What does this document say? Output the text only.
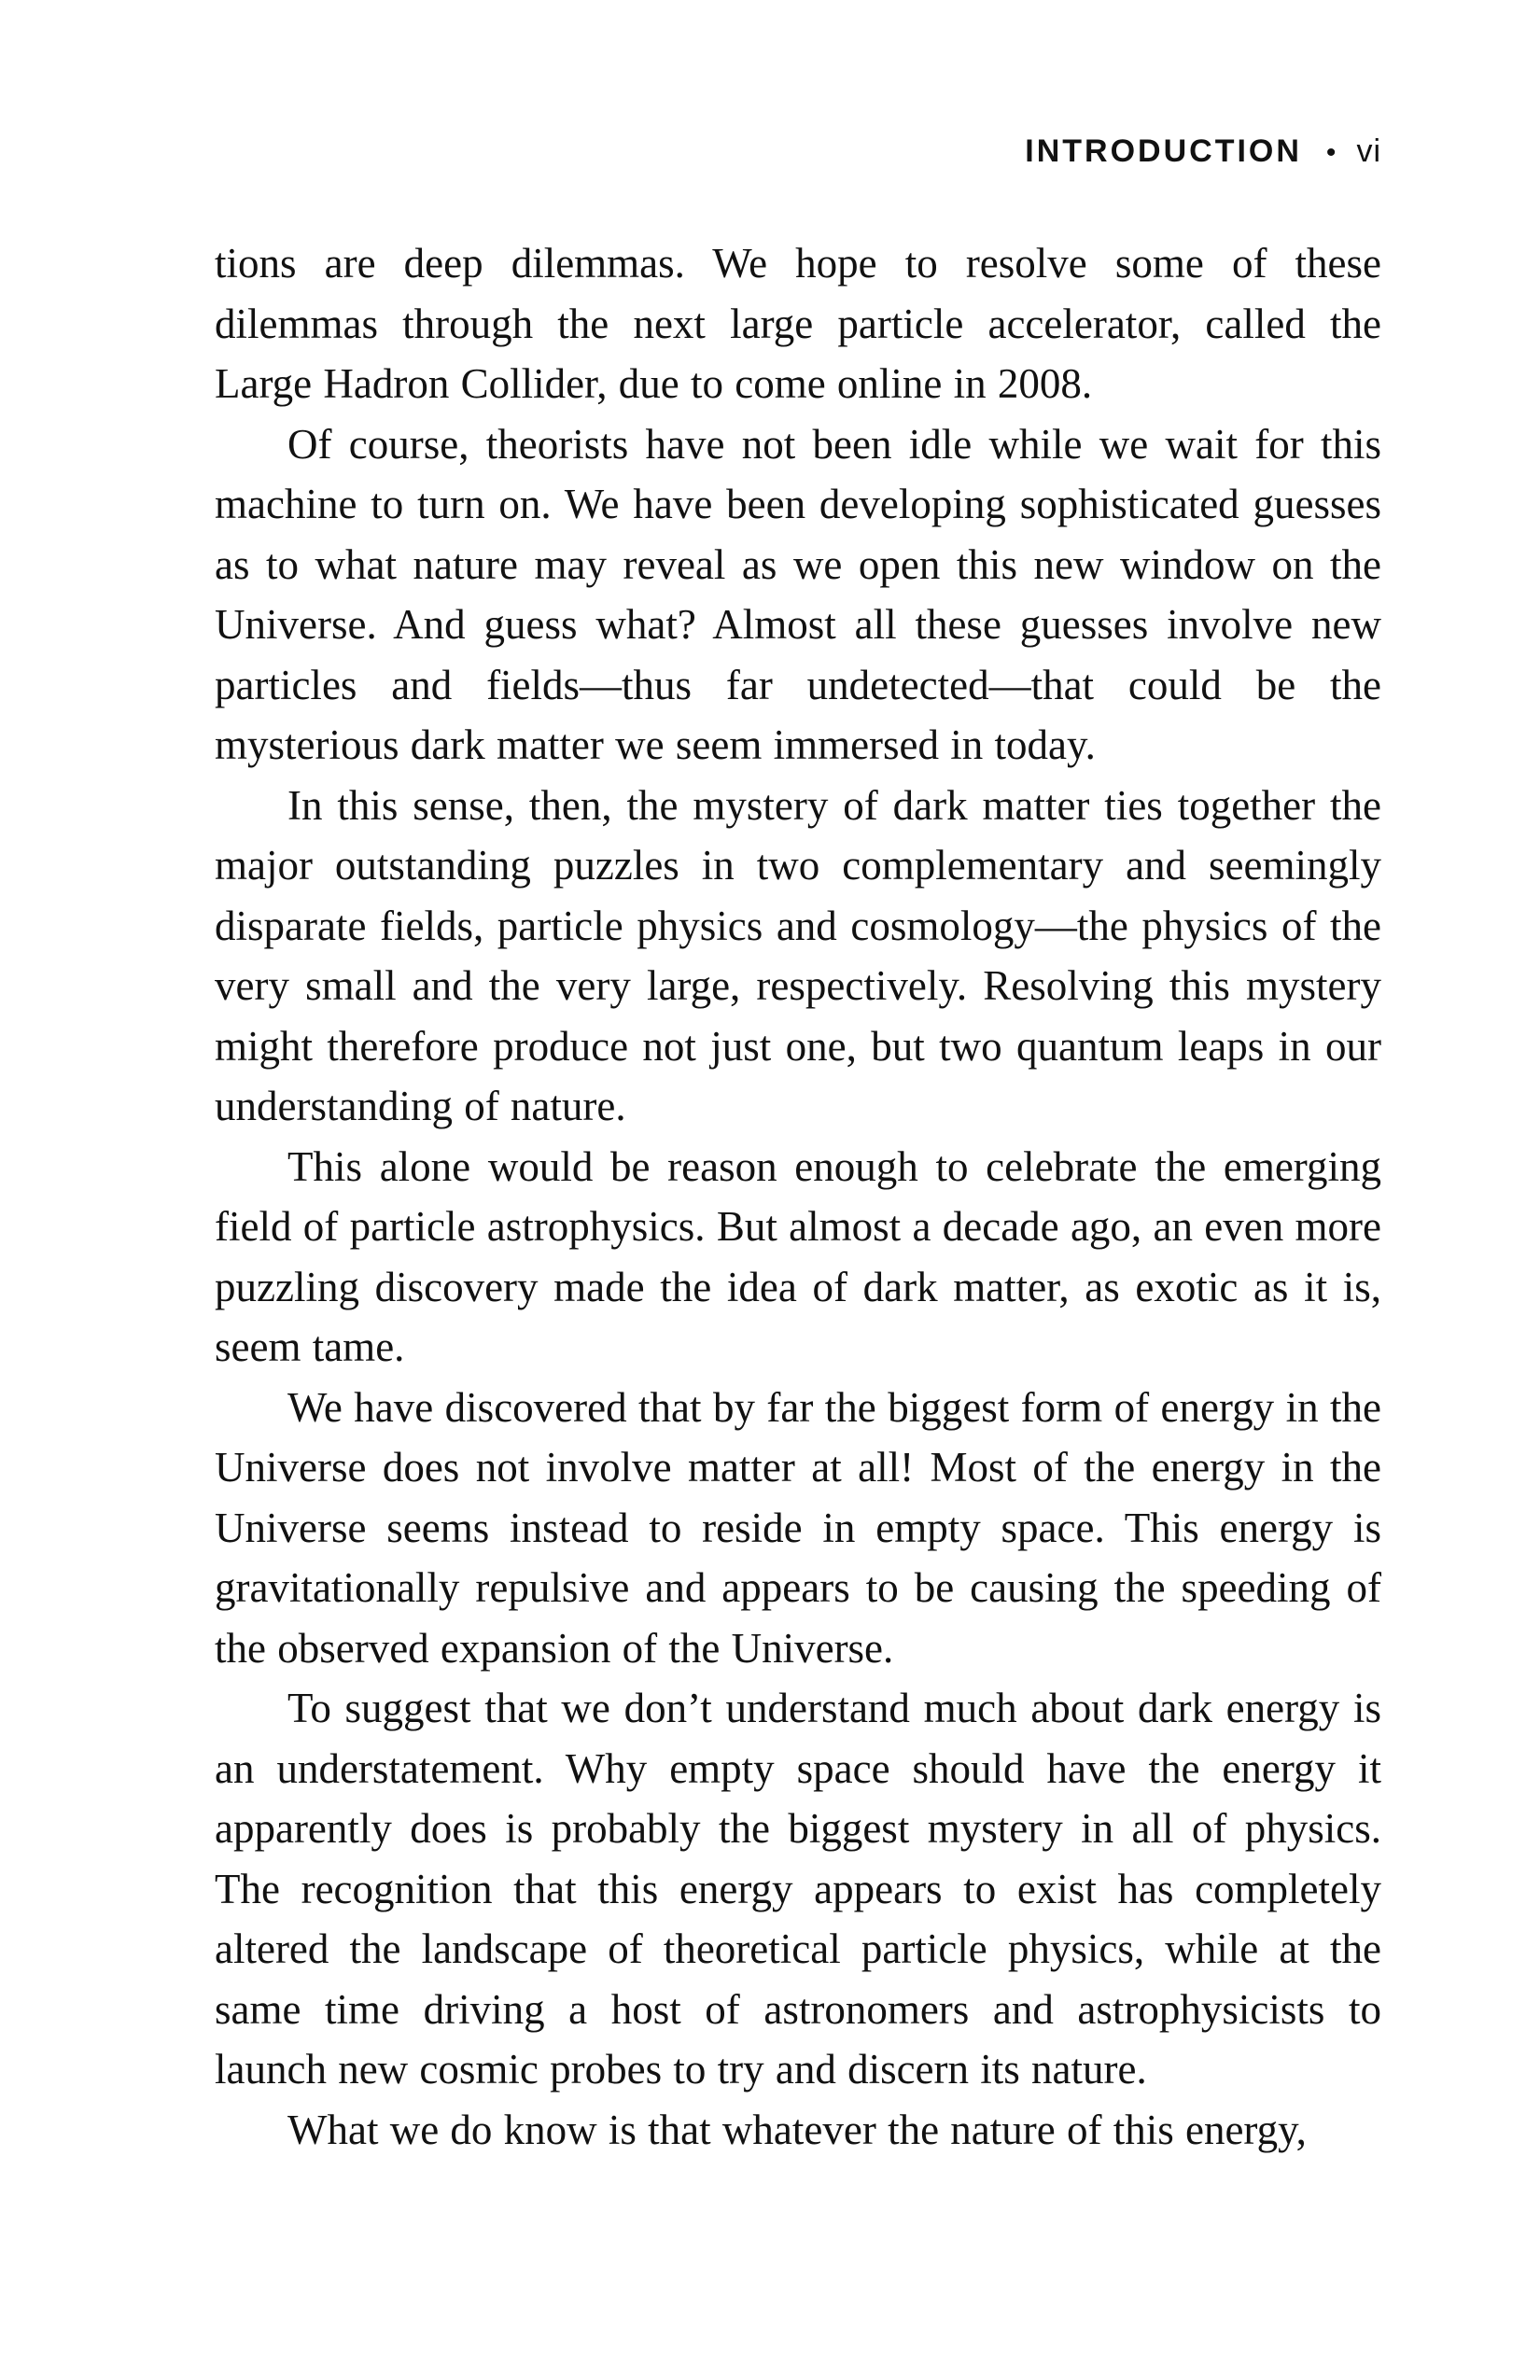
INTRODUCTION • vi

tions are deep dilemmas. We hope to resolve some of these dilemmas through the next large particle accelerator, called the Large Hadron Collider, due to come online in 2008.

Of course, theorists have not been idle while we wait for this machine to turn on. We have been developing sophisticated guesses as to what nature may reveal as we open this new window on the Universe. And guess what? Almost all these guesses involve new particles and fields—thus far undetected—that could be the mysterious dark matter we seem immersed in today.

In this sense, then, the mystery of dark matter ties together the major outstanding puzzles in two complementary and seemingly disparate fields, particle physics and cosmology—the physics of the very small and the very large, respectively. Resolving this mystery might therefore produce not just one, but two quantum leaps in our understanding of nature.

This alone would be reason enough to celebrate the emerging field of particle astrophysics. But almost a decade ago, an even more puzzling discovery made the idea of dark matter, as exotic as it is, seem tame.

We have discovered that by far the biggest form of energy in the Universe does not involve matter at all! Most of the energy in the Universe seems instead to reside in empty space. This energy is gravitationally repulsive and appears to be causing the speeding of the observed expansion of the Universe.

To suggest that we don’t understand much about dark energy is an understatement. Why empty space should have the energy it apparently does is probably the biggest mystery in all of physics. The recognition that this energy appears to exist has completely altered the landscape of theoretical particle physics, while at the same time driving a host of astronomers and astrophysicists to launch new cosmic probes to try and discern its nature.

What we do know is that whatever the nature of this energy,
